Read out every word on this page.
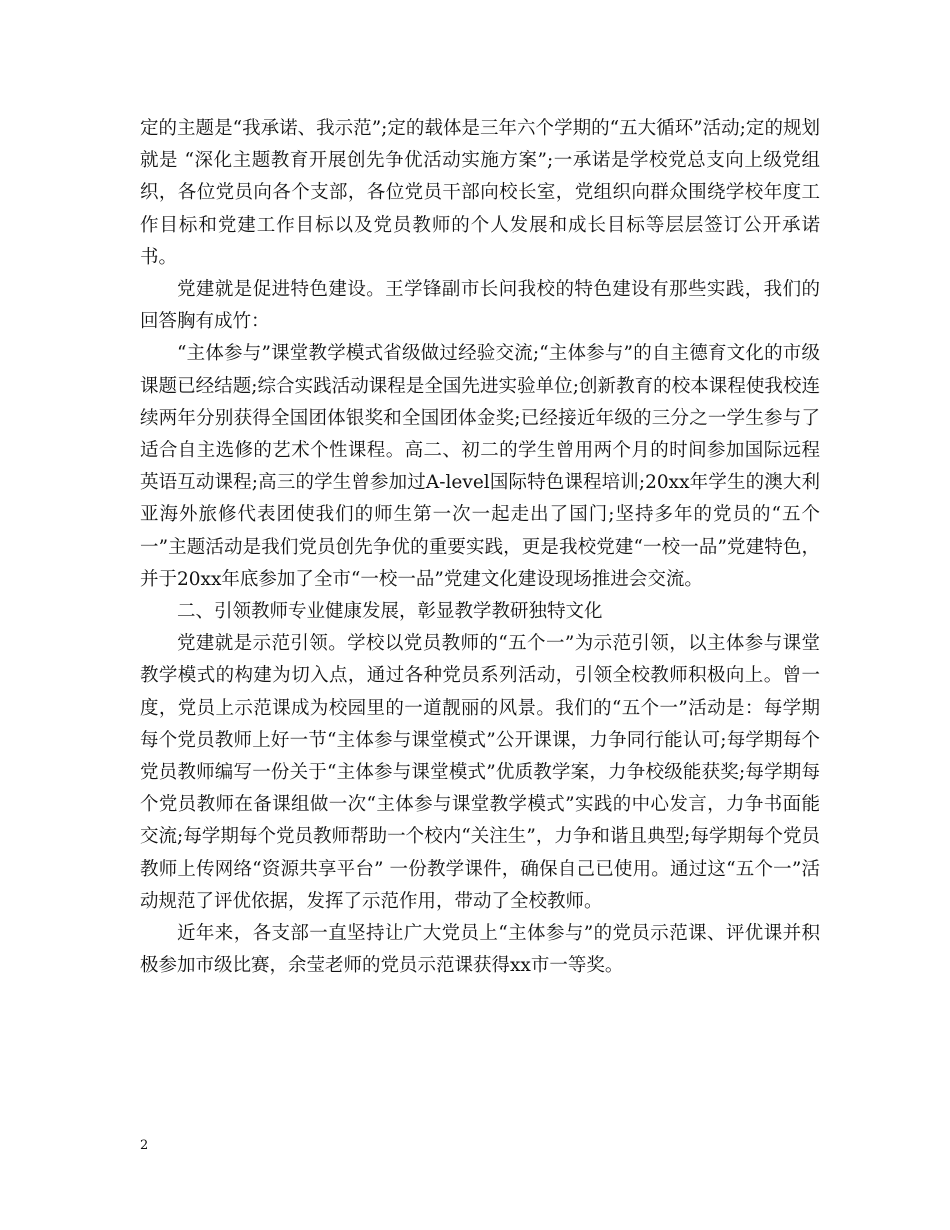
定的主题是“我承诺、我示范”;定的载体是三年六个学期的“五大循环”活动;定的规划就是 “深化主题教育开展创先争优活动实施方案”;一承诺是学校党总支向上级党组织，各位党员向各个支部，各位党员干部向校长室，党组织向群众围绕学校年度工作目标和党建工作目标以及党员教师的个人发展和成长目标等层层签订公开承诺书。

党建就是促进特色建设。王学锋副市长问我校的特色建设有那些实践，我们的回答胸有成竹：

“主体参与”课堂教学模式省级做过经验交流;“主体参与”的自主德育文化的市级课题已经结题;综合实践活动课程是全国先进实验单位;创新教育的校本课程使我校连续两年分别获得全国团体银奖和全国团体金奖;已经接近年级的三分之一学生参与了适合自主选修的艺术个性课程。高二、初二的学生曾用两个月的时间参加国际远程英语互动课程;高三的学生曾参加过A-level国际特色课程培训;20xx年学生的澳大利亚海外旅修代表团使我们的师生第一次一起走出了国门;坚持多年的党员的“五个一”主题活动是我们党员创先争优的重要实践，更是我校党建“一校一品”党建特色，并于20xx年底参加了全市“一校一品”党建文化建设现场推进会交流。

二、引领教师专业健康发展，彰显教学教研独特文化

党建就是示范引领。学校以党员教师的“五个一”为示范引领，以主体参与课堂教学模式的构建为切入点，通过各种党员系列活动，引领全校教师积极向上。曾一度，党员上示范课成为校园里的一道靓丽的风景。我们的“五个一”活动是：每学期每个党员教师上好一节“主体参与课堂模式”公开课课，力争同行能认可;每学期每个党员教师编写一份关于“主体参与课堂模式”优质教学案，力争校级能获奖;每学期每个党员教师在备课组做一次“主体参与课堂教学模式”实践的中心发言，力争书面能交流;每学期每个党员教师帮助一个校内“关注生”，力争和谐且典型;每学期每个党员教师上传网络“资源共享平台” 一份教学课件，确保自己已使用。通过这“五个一”活动规范了评优依据，发挥了示范作用，带动了全校教师。

近年来，各支部一直坚持让广大党员上“主体参与”的党员示范课、评优课并积极参加市级比赛，余莹老师的党员示范课获得xx市一等奖。

2
